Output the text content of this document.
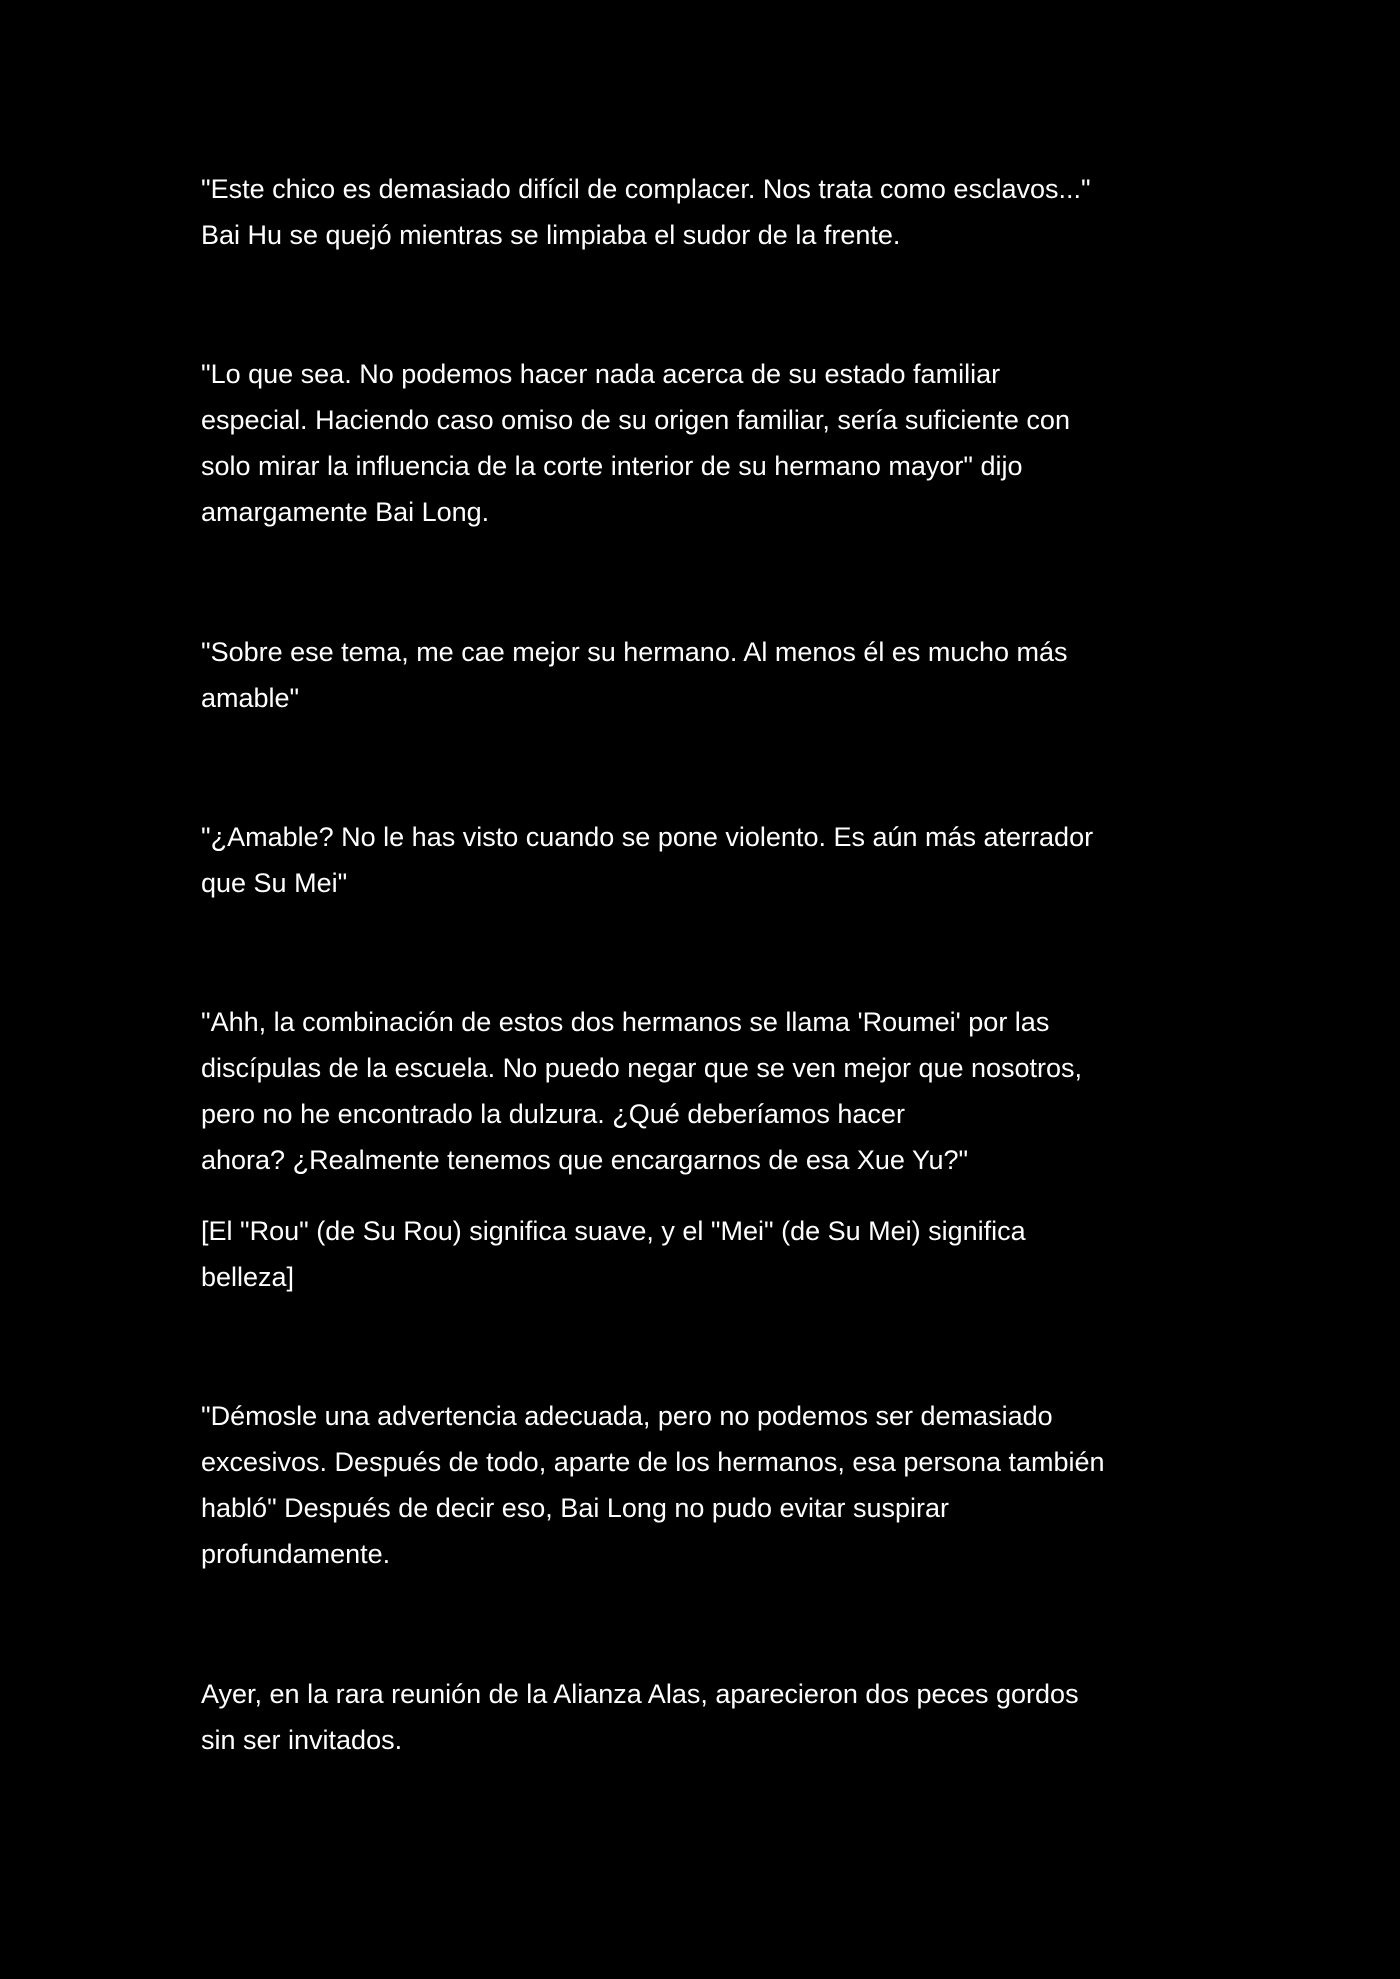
"Este chico es demasiado difícil de complacer. Nos trata como esclavos..."
Bai Hu se quejó mientras se limpiaba el sudor de la frente.

"Lo que sea. No podemos hacer nada acerca de su estado familiar
especial. Haciendo caso omiso de su origen familiar, sería suficiente con
solo mirar la influencia de la corte interior de su hermano mayor" dijo
amargamente Bai Long.

"Sobre ese tema, me cae mejor su hermano. Al menos él es mucho más
amable"

"¿Amable? No le has visto cuando se pone violento. Es aún más aterrador
que Su Mei"

"Ahh, la combinación de estos dos hermanos se llama 'Roumei' por las
discípulas de la escuela. No puedo negar que se ven mejor que nosotros,
pero no he encontrado la dulzura. ¿Qué deberíamos hacer
ahora? ¿Realmente tenemos que encargarnos de esa Xue Yu?"

[El "Rou" (de Su Rou) significa suave, y el "Mei" (de Su Mei) significa
belleza]

"Démosle una advertencia adecuada, pero no podemos ser demasiado
excesivos. Después de todo, aparte de los hermanos, esa persona también
habló" Después de decir eso, Bai Long no pudo evitar suspirar
profundamente.

Ayer, en la rara reunión de la Alianza Alas, aparecieron dos peces gordos
sin ser invitados.
